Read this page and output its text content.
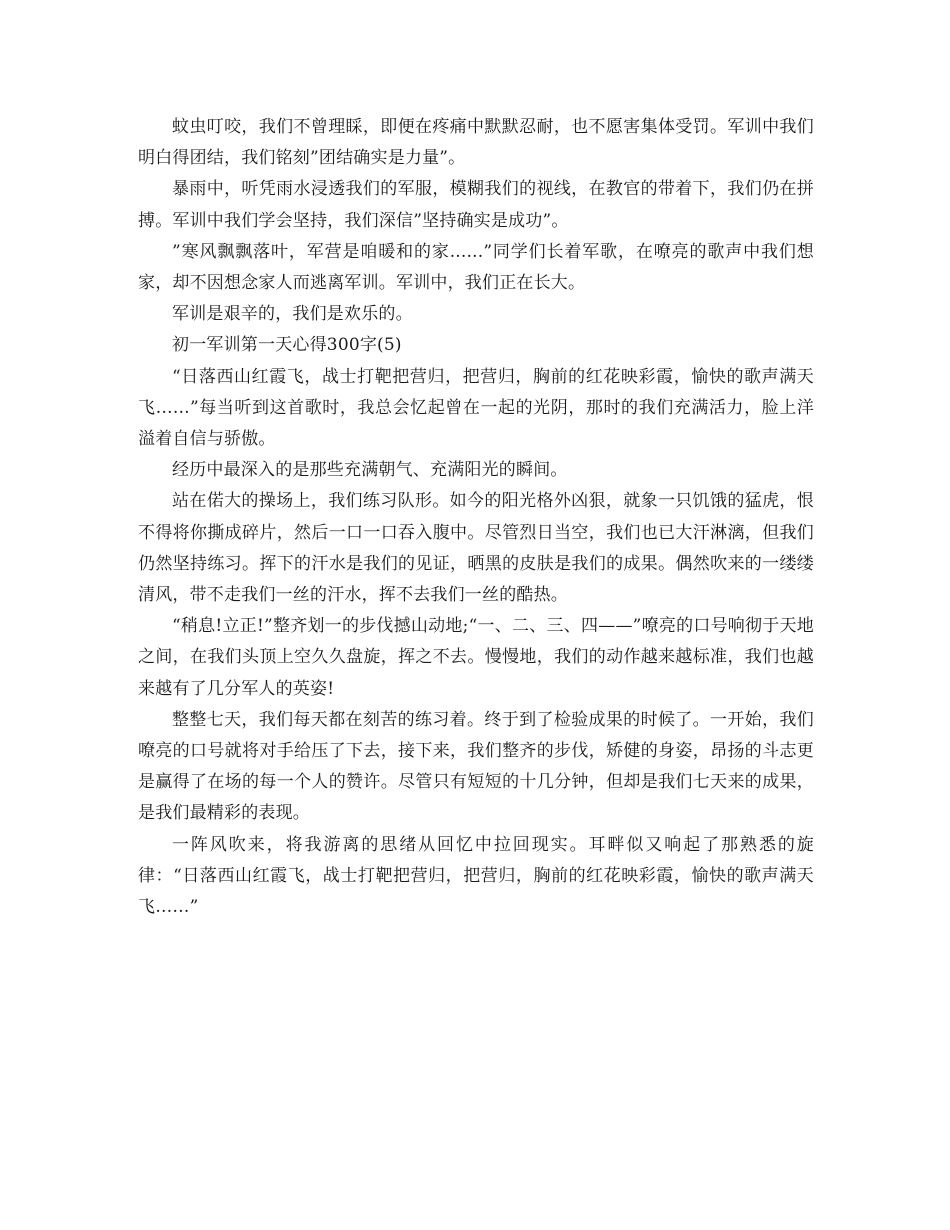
蚊虫叮咬，我们不曾理睬，即便在疼痛中默默忍耐，也不愿害集体受罚。军训中我们明白得团结，我们铭刻”团结确实是力量”。

暴雨中，听凭雨水浸透我们的军服，模糊我们的视线，在教官的带着下，我们仍在拼搏。军训中我们学会坚持，我们深信”坚持确实是成功”。

”寒风飘飘落叶，军营是咱暖和的家......”同学们长着军歌，在嘹亮的歌声中我们想家，却不因想念家人而逃离军训。军训中，我们正在长大。

军训是艰辛的，我们是欢乐的。

初一军训第一天心得300字(5)

“日落西山红霞飞，战士打靶把营归，把营归，胸前的红花映彩霞，愉快的歌声满天飞……”每当听到这首歌时，我总会忆起曾在一起的光阴，那时的我们充满活力，脸上洋溢着自信与骄傲。

经历中最深入的是那些充满朝气、充满阳光的瞬间。

站在偌大的操场上，我们练习队形。如今的阳光格外凶狠，就象一只饥饿的猛虎，恨不得将你撕成碎片，然后一口一口吞入腹中。尽管烈日当空，我们也已大汗淋漓，但我们仍然坚持练习。挥下的汗水是我们的见证，晒黑的皮肤是我们的成果。偶然吹来的一缕缕清风，带不走我们一丝的汗水，挥不去我们一丝的酷热。

“稍息!立正!”整齐划一的步伐撼山动地;“一、二、三、四——”嘹亮的口号响彻于天地之间，在我们头顶上空久久盘旋，挥之不去。慢慢地，我们的动作越来越标准，我们也越来越有了几分军人的英姿!

整整七天，我们每天都在刻苦的练习着。终于到了检验成果的时候了。一开始，我们嘹亮的口号就将对手给压了下去，接下来，我们整齐的步伐，矫健的身姿，昂扬的斗志更是赢得了在场的每一个人的赞许。尽管只有短短的十几分钟，但却是我们七天来的成果，是我们最精彩的表现。

一阵风吹来，将我游离的思绪从回忆中拉回现实。耳畔似又响起了那熟悉的旋律：“日落西山红霞飞，战士打靶把营归，把营归，胸前的红花映彩霞，愉快的歌声满天飞……”
